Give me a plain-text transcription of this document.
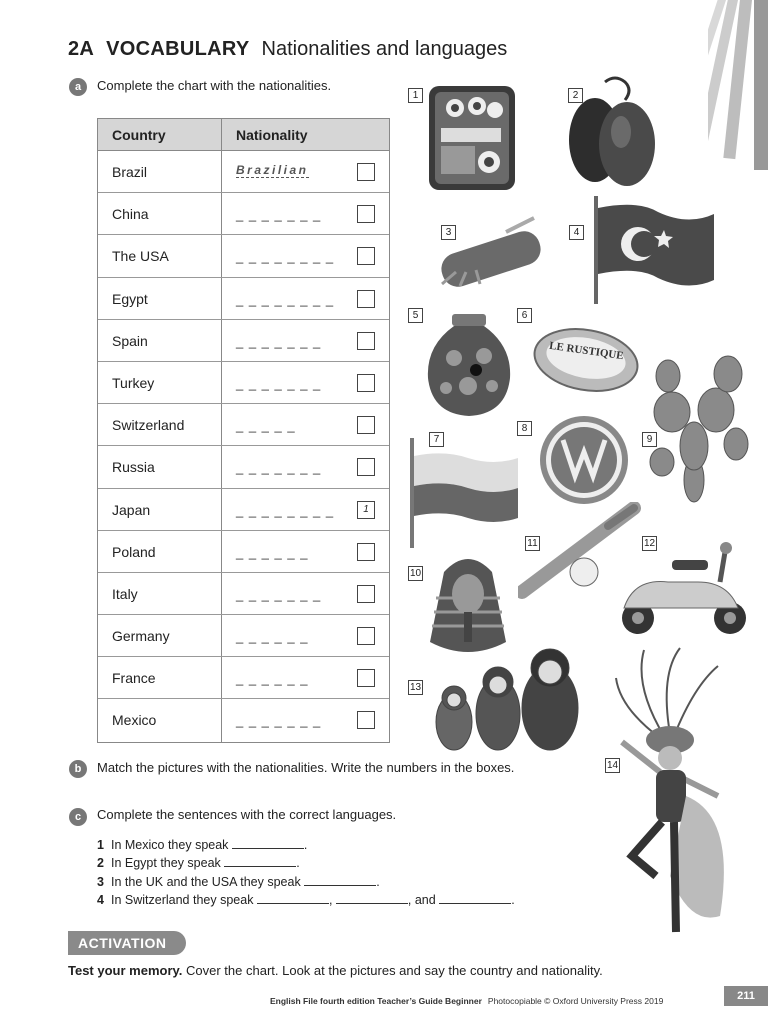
2A VOCABULARY Nationalities and languages
a	Complete the chart with the nationalities.
Country	Nationality
Brazil	Brazilian
China	_ _ _ _ _ _ _
The USA	_ _ _ _ _ _ _ _
Egypt	_ _ _ _ _ _ _ _
Spain	_ _ _ _ _ _ _
Turkey	_ _ _ _ _ _ _
Switzerland	_ _ _ _ _
Russia	_ _ _ _ _ _ _
Japan	_ _ _ _ _ _ _ _	1
Poland	_ _ _ _ _ _
Italy	_ _ _ _ _ _ _
Germany	_ _ _ _ _ _
France	_ _ _ _ _ _
Mexico	_ _ _ _ _ _ _
1	2
3	4
5
LE RUSTIQUE
6
7
8
9
10
11	12
13
14
b	Match the pictures with the nationalities. Write the numbers in the boxes.
c	Complete the sentences with the correct languages.
1 In Mexico they speak	.
2 In Egypt they speak	.
3 In the UK and the USA they speak	.
4 In Switzerland they speak	,	, and	.
ACTIVATION
Test your memory. Cover the chart. Look at the pictures and say the country and nationality.
English File fourth edition Teacher’s Guide Beginner Photocopiable © Oxford University Press 2019	211
